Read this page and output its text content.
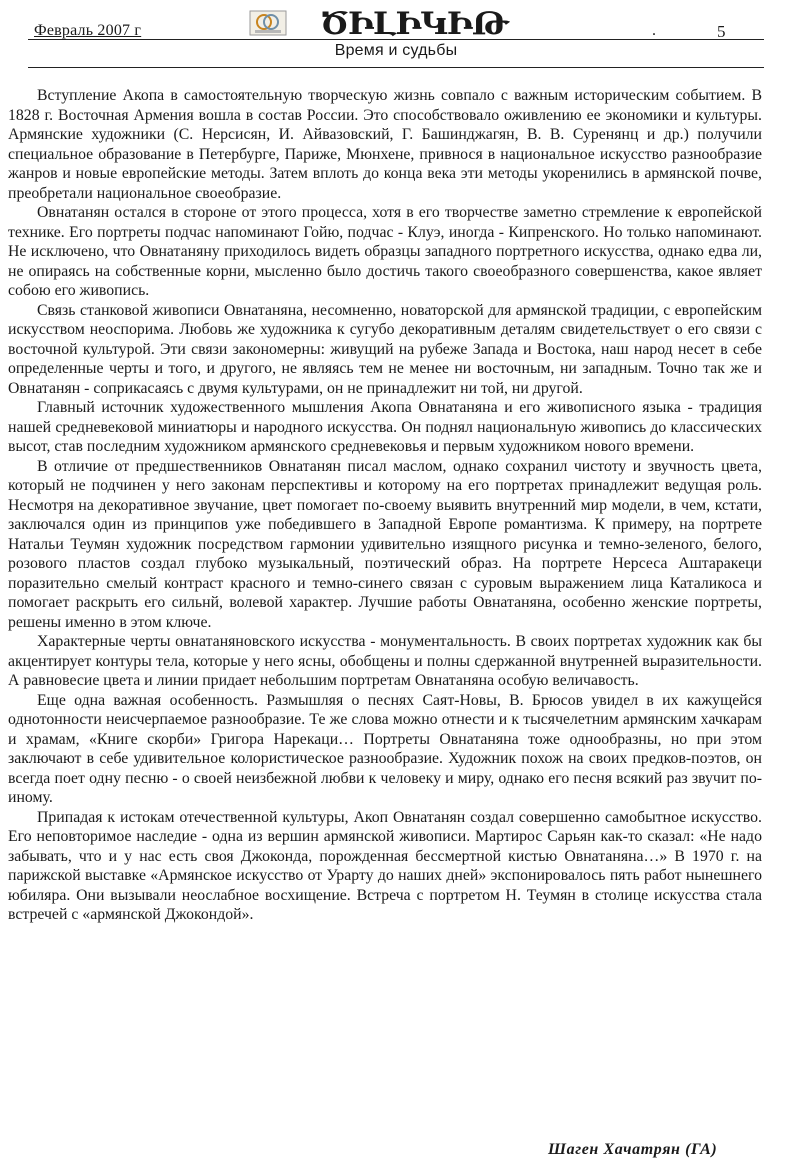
Февраль 2007 г	ԾԻԼԻԿԻԹ	.	5
Время и судьбы

Вступление Акопа в самостоятельную творческую жизнь совпало с важным историческим событием. В 1828 г. Восточная Армения вошла в состав России. Это способствовало оживлению ее экономики и культуры. Армянские художники (С. Нерсисян, И. Айвазовский, Г. Башинджагян, В. В. Суренянц и др.) получили специальное образование в Петербурге, Париже, Мюнхене, привнося в национальное искусство разнообразие жанров и новые европейские методы. Затем вплоть до конца века эти методы укоренились в армянской почве, преобретали национальное своеобразие.

Овнатанян остался в стороне от этого процесса, хотя в его творчестве заметно стремление к европейской технике. Его портреты подчас напоминают Гойю, подчас - Клуэ, иногда - Кипренского. Но только напоминают. Не исключено, что Овнатаняну приходилось видеть образцы западного портретного искусства, однако едва ли, не опираясь на собственные корни, мысленно было достичь такого своеобразного совершенства, какое являет собою его живопись.

Связь станковой живописи Овнатаняна, несомненно, новаторской для армянской традиции, с европейским искусством неоспорима. Любовь же художника к сугубо декоративным деталям свидетельствует о его связи с восточной культурой. Эти связи закономерны: живущий на рубеже Запада и Востока, наш народ несет в себе определенные черты и того, и другого, не являясь тем не менее ни восточным, ни западным. Точно так же и Овнатанян - соприкасаясь с двумя культурами, он не принадлежит ни той, ни другой.

Главный источник художественного мышления Акопа Овнатаняна и его живописного языка - традиция нашей средневековой миниатюры и народного искусства. Он поднял национальную живопись до классических высот, став последним художником армянского средневековья и первым художником нового времени.

В отличие от предшественников Овнатанян писал маслом, однако сохранил чистоту и звучность цвета, который не подчинен у него законам перспективы и которому на его портретах принадлежит ведущая роль. Несмотря на декоративное звучание, цвет помогает по-своему выявить внутренний мир модели, в чем, кстати, заключался один из принципов уже победившего в Западной Европе романтизма. К примеру, на портрете Натальи Теумян художник посредством гармонии удивительно изящного рисунка и темно-зеленого, белого, розового пластов создал глубоко музыкальный, поэтический образ. На портрете Нерсеса Аштаракеци поразительно смелый контраст красного и темно-синего связан с суровым выражением лица Каталикоса и помогает раскрыть его сильнй, волевой характер. Лучшие работы Овнатаняна, особенно женские портреты, решены именно в этом ключе.

Характерные черты овнатаняновского искусства - монументальность. В своих портретах художник как бы акцентирует контуры тела, которые у него ясны, обобщены и полны сдержанной внутренней выразительности. А равновесие цвета и линии придает небольшим портретам Овнатаняна особую величавость.

Еще одна важная особенность. Размышляя о песнях Саят-Новы, В. Брюсов увидел в их кажущейся однотонности неисчерпаемое разнообразие. Те же слова можно отнести и к тысячелетним армянским хачкарам и храмам, «Книге скорби» Григора Нарекаци… Портреты Овнатаняна тоже однообразны, но при этом заключают в себе удивительное колористическое разнообразие. Художник похож на своих предков-поэтов, он всегда поет одну песню - о своей неизбежной любви к человеку и миру, однако его песня всякий раз звучит по-иному.

Припадая к истокам отечественной культуры, Акоп Овнатанян создал совершенно самобытное искусство. Его неповторимое наследие - одна из вершин армянской живописи. Мартирос Сарьян как-то сказал: «Не надо забывать, что и у нас есть своя Джоконда, порожденная бессмертной кистью Овнатаняна…» В 1970 г. на парижской выставке «Армянское искусство от Урарту до наших дней» экспонировалось пять работ нынешнего юбиляра. Они вызывали неослабное восхищение. Встреча с портретом Н. Теумян в столице искусства стала встречей с «армянской Джокондой».

Шаген Хачатрян (ГА)
